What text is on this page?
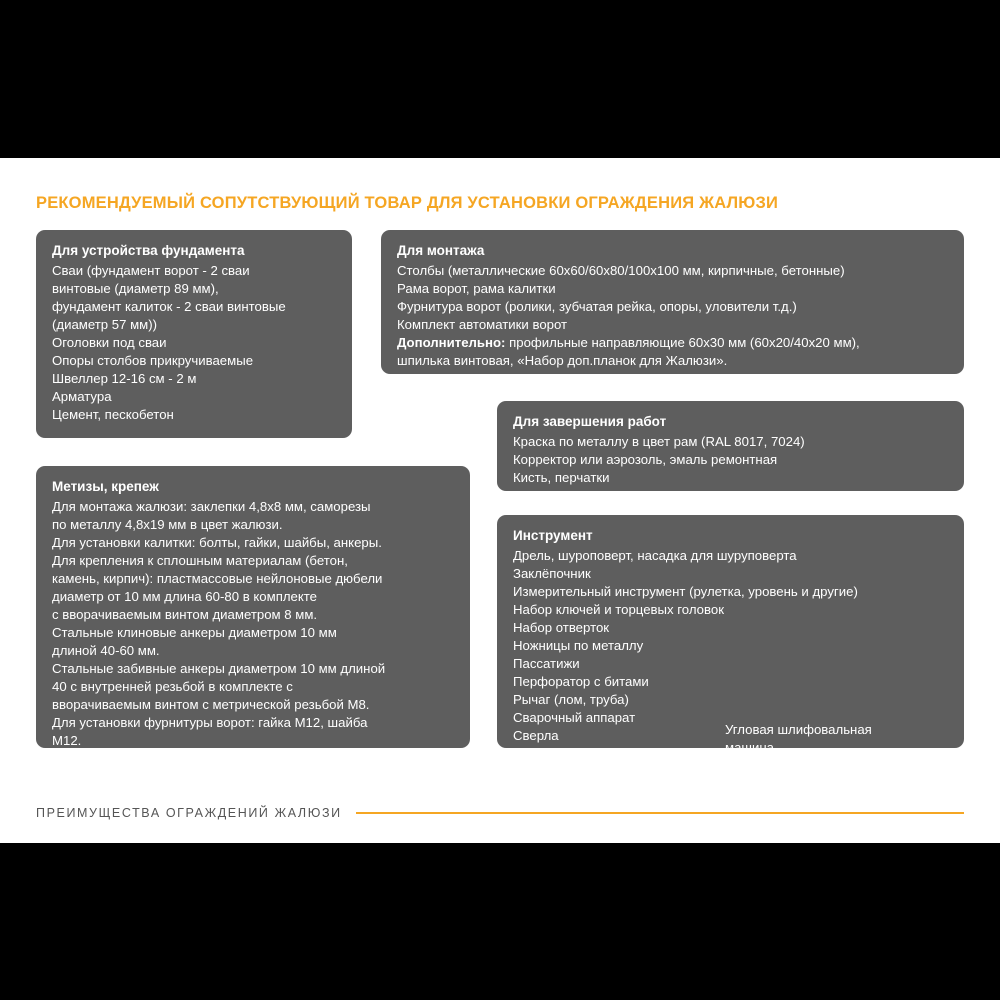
РЕКОМЕНДУЕМЫЙ СОПУТСТВУЮЩИЙ ТОВАР ДЛЯ УСТАНОВКИ ОГРАЖДЕНИЯ ЖАЛЮЗИ
Для устройства фундамента

Сваи (фундамент ворот - 2 сваи

винтовые (диаметр 89 мм),

фундамент калиток - 2 сваи винтовые

(диаметр 57 мм))

Оголовки под сваи

Опоры столбов прикручиваемые

Швеллер 12-16 см - 2 м

Арматура

Цемент, пескобетон

Для монтажа

Столбы (металлические 60x60/60x80/100x100 мм, кирпичные, бетонные)

Рама ворот, рама калитки

Фурнитура ворот (ролики, зубчатая рейка, опоры, уловители т.д.)

Комплект автоматики ворот

Дополнительно: профильные направляющие 60x30 мм (60x20/40x20 мм),

шпилька винтовая, «Набор доп.планок для Жалюзи».

Для завершения работ

Краска по металлу в цвет рам (RAL 8017, 7024)

Корректор или аэрозоль, эмаль ремонтная

Кисть, перчатки

Метизы, крепеж

Для монтажа жалюзи: заклепки 4,8x8 мм, саморезы

по металлу 4,8x19 мм в цвет жалюзи.

Для установки калитки: болты, гайки, шайбы, анкеры.

Для крепления к сплошным материалам (бетон,

камень, кирпич): пластмассовые нейлоновые дюбели

диаметр от 10 мм длина 60-80 в комплекте

с вворачиваемым винтом диаметром 8 мм.

Стальные клиновые анкеры диаметром 10 мм

длиной 40-60 мм.

Стальные забивные анкеры диаметром 10 мм длиной

40 с внутренней резьбой в комплекте с

вворачиваемым винтом с метрической резьбой М8.

Для установки фурнитуры ворот: гайка М12, шайба

М12.

Инструмент

Дрель, шуроповерт, насадка для шуруповерта

Заклёпочник

Измерительный инструмент (рулетка, уровень и другие)

Набор ключей и торцевых головок

Набор отверток

Ножницы по металлу

Пассатижи

Перфоратор с битами

Рычаг (лом, труба)

Сварочный аппарат

Сверла

Строительный шнур

Угловая шлифовальная

машина

Уровень строительный

ПРЕИМУЩЕСТВА ОГРАЖДЕНИЙ ЖАЛЮЗИ
